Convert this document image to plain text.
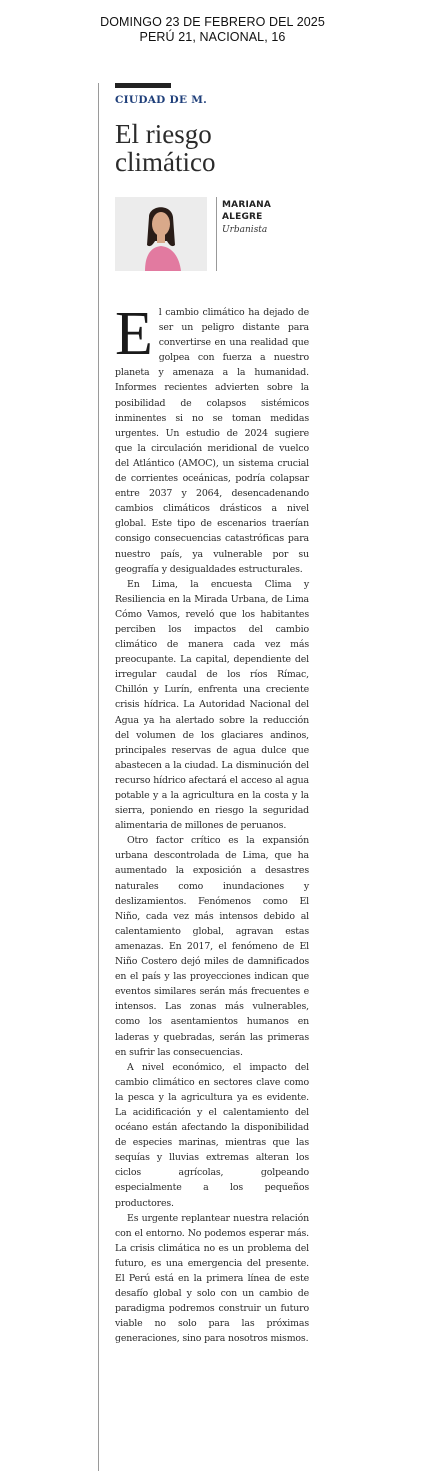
DOMINGO 23 DE FEBRERO DEL 2025
PERÚ 21, NACIONAL, 16
CIUDAD DE M.
El riesgo
climático
MARIANA
ALEGRE
Urbanista

El cambio climático ha dejado de ser un peligro distante para convertirse en una realidad que golpea con fuerza a nuestro planeta y amenaza a la humanidad. Informes recientes advierten sobre la posibilidad de colapsos sistémicos inminentes si no se toman medidas urgentes. Un estudio de 2024 sugiere que la circulación meridional de vuelco del Atlántico (AMOC), un sistema crucial de corrientes oceánicas, podría colapsar entre 2037 y 2064, desencadenando cambios climáticos drásticos a nivel global. Este tipo de escenarios traerían consigo consecuencias catastróficas para nuestro país, ya vulnerable por su geografía y desigualdades estructurales.

En Lima, la encuesta Clima y Resiliencia en la Mirada Urbana, de Lima Cómo Vamos, reveló que los habitantes perciben los impactos del cambio climático de manera cada vez más preocupante. La capital, dependiente del irregular caudal de los ríos Rímac, Chillón y Lurín, enfrenta una creciente crisis hídrica. La Autoridad Nacional del Agua ya ha alertado sobre la reducción del volumen de los glaciares andinos, principales reservas de agua dulce que abastecen a la ciudad. La disminución del recurso hídrico afectará el acceso al agua potable y a la agricultura en la costa y la sierra, poniendo en riesgo la seguridad alimentaria de millones de peruanos.

Otro factor crítico es la expansión urbana descontrolada de Lima, que ha aumentado la exposición a desastres naturales como inundaciones y deslizamientos. Fenómenos como El Niño, cada vez más intensos debido al calentamiento global, agravan estas amenazas. En 2017, el fenómeno de El Niño Costero dejó miles de damnificados en el país y las proyecciones indican que eventos similares serán más frecuentes e intensos. Las zonas más vulnerables, como los asentamientos humanos en laderas y quebradas, serán las primeras en sufrir las consecuencias.

A nivel económico, el impacto del cambio climático en sectores clave como la pesca y la agricultura ya es evidente. La acidificación y el calentamiento del océano están afectando la disponibilidad de especies marinas, mientras que las sequías y lluvias extremas alteran los ciclos agrícolas, golpeando especialmente a los pequeños productores.

Es urgente replantear nuestra relación con el entorno. No podemos esperar más. La crisis climática no es un problema del futuro, es una emergencia del presente. El Perú está en la primera línea de este desafío global y solo con un cambio de paradigma podremos construir un futuro viable no solo para las próximas generaciones, sino para nosotros mismos.
